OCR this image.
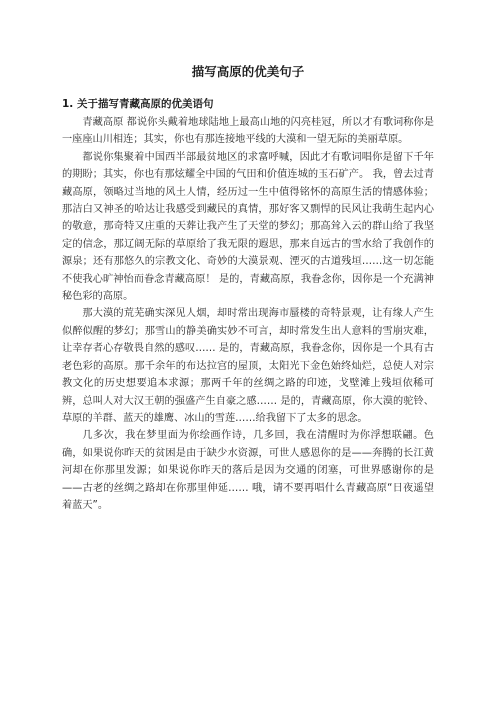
描写高原的优美句子
1. 关于描写青藏高原的优美语句

青藏高原 都说你头戴着地球陆地上最高山地的闪亮桂冠，所以才有歌词称你是一座座山川相连；其实，你也有那连接地平线的大漠和一望无际的美丽草原。

都说你集聚着中国西半部最贫地区的求富呼喊，因此才有歌词唱你是留下千年的期盼；其实，你也有那炫耀全中国的气田和价值连城的玉石矿产。 我，曾去过青藏高原，领略过当地的风土人情，经历过一生中值得铭怀的高原生活的情感体验；那洁白又神圣的哈达让我感受到藏民的真情，那好客又剽悍的民风让我萌生起内心的敬意，那奇特又庄重的天葬让我产生了天堂的梦幻；那高耸入云的群山给了我坚定的信念，那辽阔无际的草原给了我无限的遐思，那来自远古的雪水给了我创作的源泉；还有那悠久的宗教文化、奇妙的大漠景观、湮灭的古道残垣……这一切怎能不使我心旷神怡而眷念青藏高原！ 是的，青藏高原，我眷念你，因你是一个充满神秘色彩的高原。

那大漠的荒芜确实深见人烟，却时常出现海市蜃楼的奇特景观，让有缘人产生似醉似醒的梦幻；那雪山的静美确实妙不可言，却时常发生出人意料的雪崩灾难，让幸存者心存敬畏自然的感叹…… 是的，青藏高原，我眷念你，因你是一个具有古老色彩的高原。那千余年的布达拉宫的屋顶，太阳光下金色始终灿烂，总使人对宗教文化的历史想要追本求源；那两千年的丝绸之路的印迹，戈壁滩上残垣依稀可辨，总叫人对大汉王朝的强盛产生自豪之感…… 是的，青藏高原，你大漠的驼铃、草原的羊群、蓝天的雄鹰、冰山的雪莲……给我留下了太多的思念。

几多次，我在梦里面为你绘画作诗，几多回，我在清醒时为你浮想联翩。色确，如果说你昨天的贫困是由于缺少水资源，可世人感恩你的是——奔腾的长江黄河却在你那里发源；如果说你昨天的落后是因为交通的闭塞，可世界感谢你的是——古老的丝绸之路却在你那里伸延…… 哦，请不要再唱什么青藏高原“日夜遥望着蓝天”。
